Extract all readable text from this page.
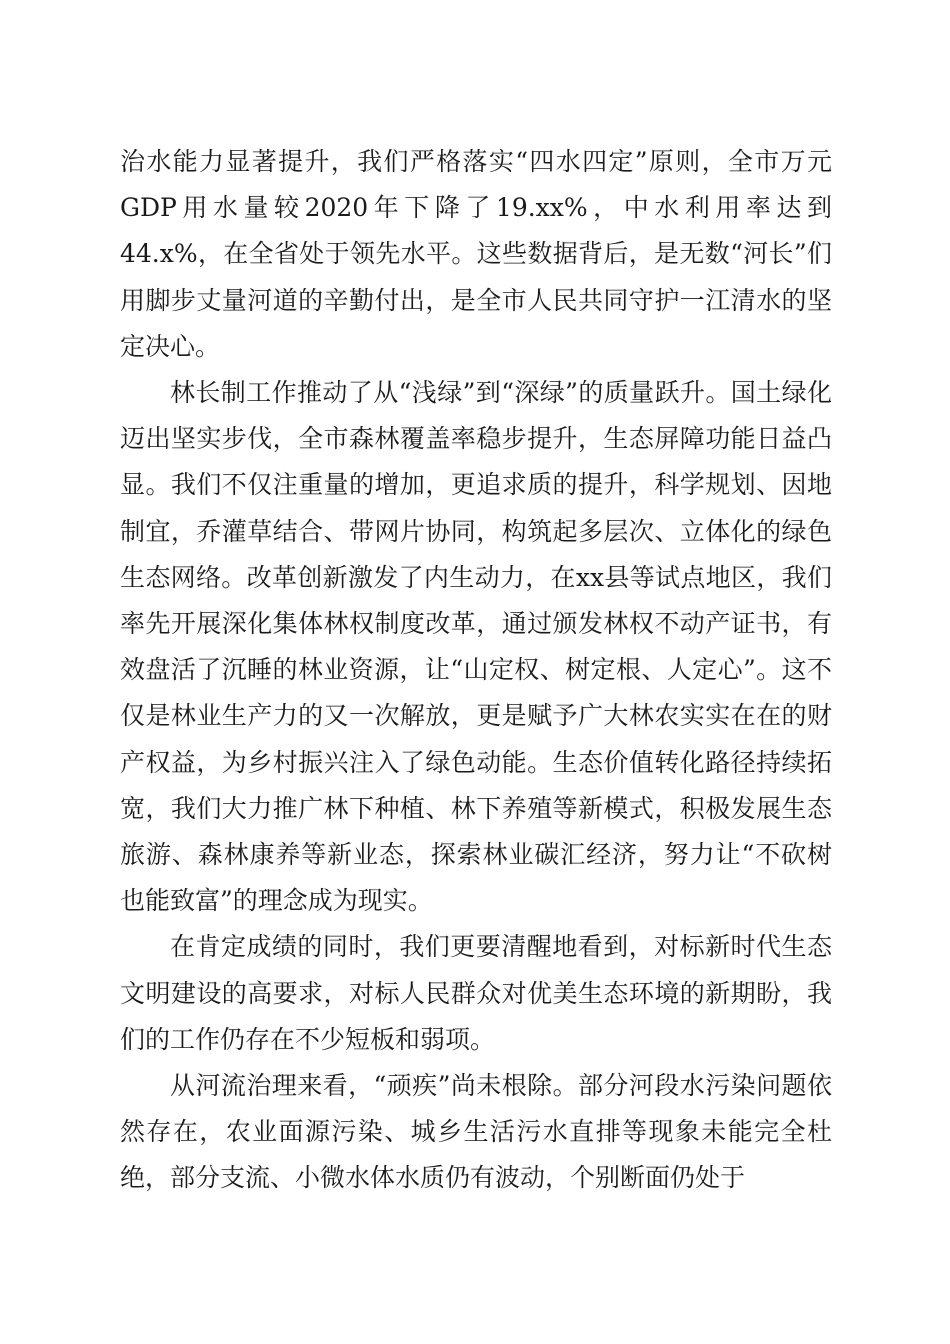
治水能力显著提升，我们严格落实“四水四定”原则，全市万元GDP用水量较2020年下降了19.xx%，中水利用率达到44.x%，在全省处于领先水平。这些数据背后，是无数“河长”们用脚步丈量河道的辛勤付出，是全市人民共同守护一江清水的坚定决心。

林长制工作推动了从“浅绿”到“深绿”的质量跃升。国土绿化迈出坚实步伐，全市森林覆盖率稳步提升，生态屏障功能日益凸显。我们不仅注重量的增加，更追求质的提升，科学规划、因地制宜，乔灌草结合、带网片协同，构筑起多层次、立体化的绿色生态网络。改革创新激发了内生动力，在xx县等试点地区，我们率先开展深化集体林权制度改革，通过颁发林权不动产证书，有效盘活了沉睡的林业资源，让“山定权、树定根、人定心”。这不仅是林业生产力的又一次解放，更是赋予广大林农实实在在的财产权益，为乡村振兴注入了绿色动能。生态价值转化路径持续拓宽，我们大力推广林下种植、林下养殖等新模式，积极发展生态旅游、森林康养等新业态，探索林业碳汇经济，努力让“不砍树也能致富”的理念成为现实。

在肯定成绩的同时，我们更要清醒地看到，对标新时代生态文明建设的高要求，对标人民群众对优美生态环境的新期盼，我们的工作仍存在不少短板和弱项。

从河流治理来看，“顽疾”尚未根除。部分河段水污染问题依然存在，农业面源污染、城乡生活污水直排等现象未能完全杜绝，部分支流、小微水体水质仍有波动，个别断面仍处于
